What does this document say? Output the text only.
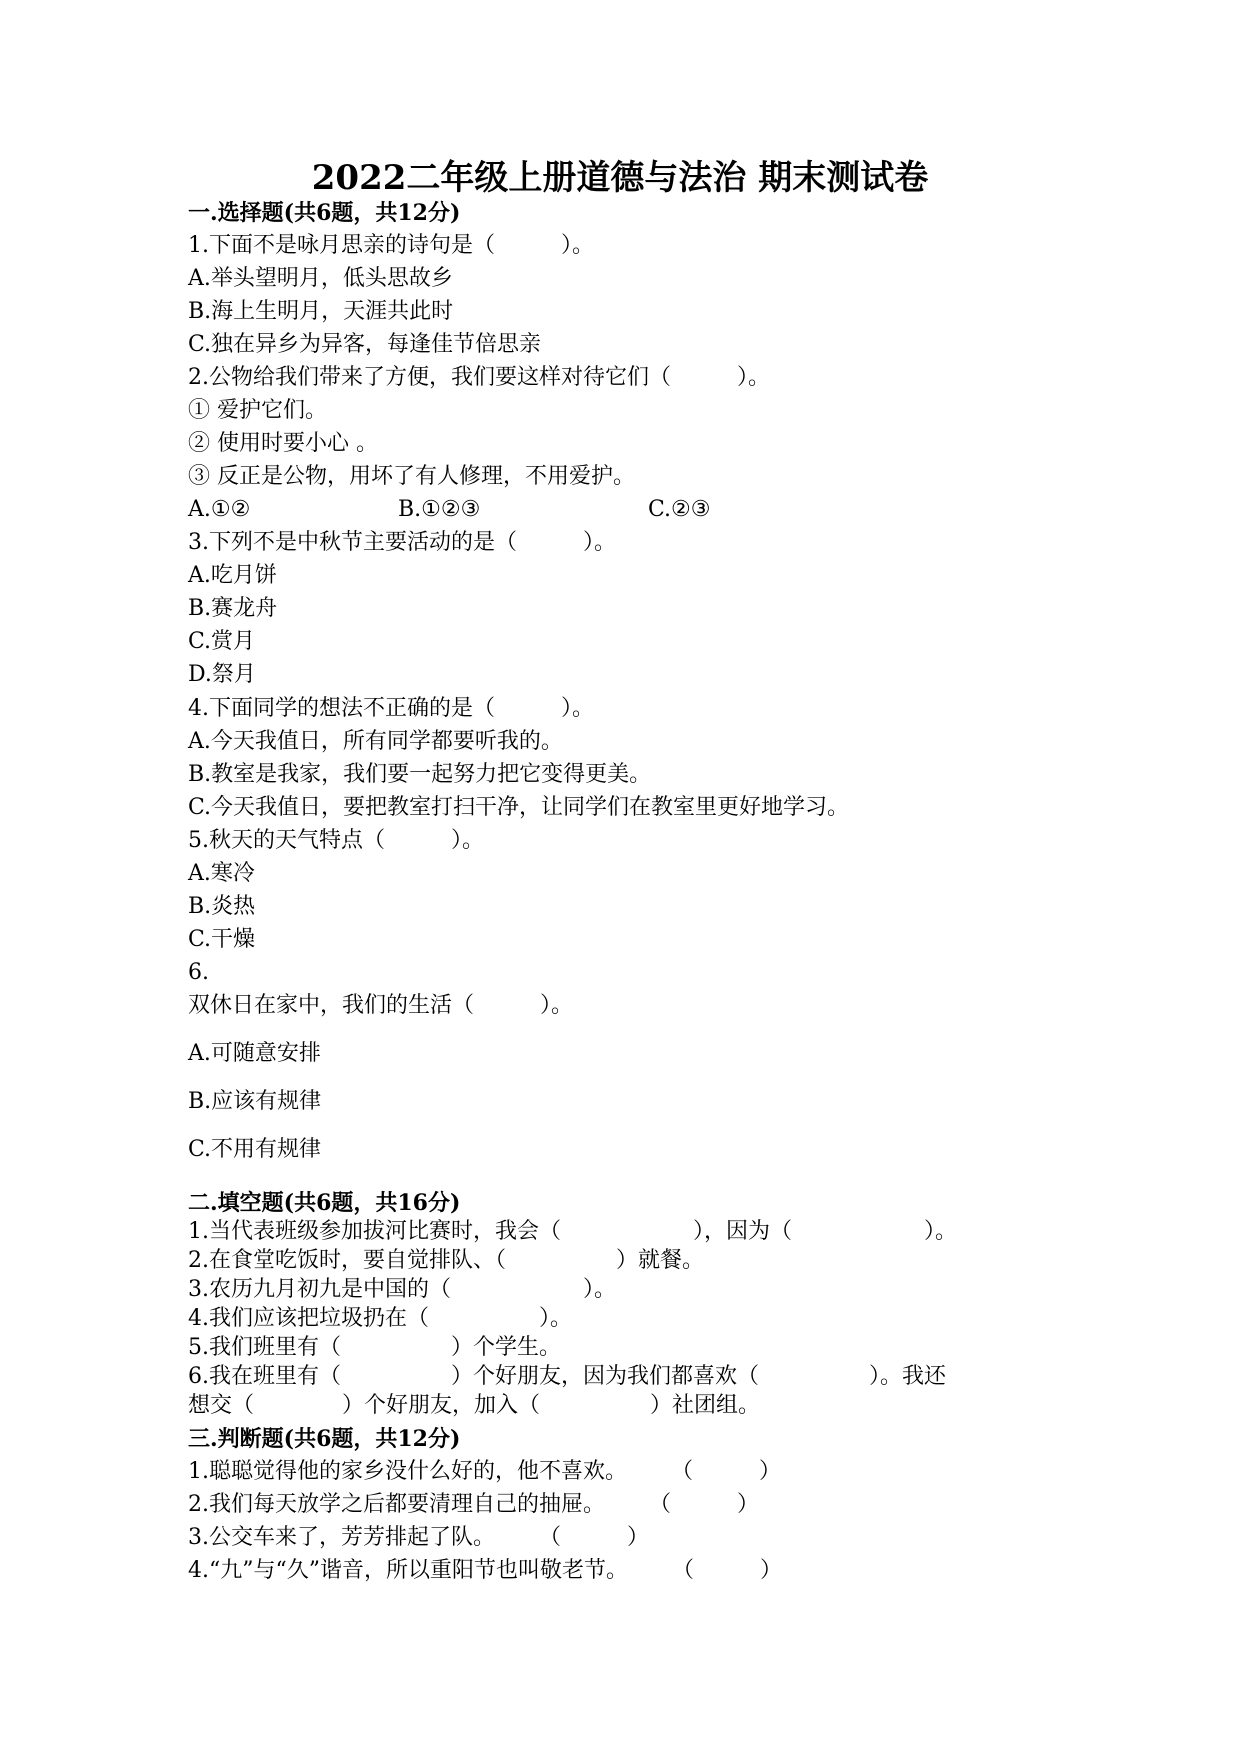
2022二年级上册道德与法治 期末测试卷
一.选择题(共6题，共12分)
1.下面不是咏月思亲的诗句是（　　　）。
A.举头望明月，低头思故乡
B.海上生明月，天涯共此时
C.独在异乡为异客，每逢佳节倍思亲
2.公物给我们带来了方便，我们要这样对待它们（　　　）。
① 爱护它们。
② 使用时要小心 。
③ 反正是公物，用坏了有人修理，不用爱护。
A.①②	B.①②③	C.②③
3.下列不是中秋节主要活动的是（　　　）。
A.吃月饼
B.赛龙舟
C.赏月
D.祭月
4.下面同学的想法不正确的是（　　　）。
A.今天我值日，所有同学都要听我的。
B.教室是我家，我们要一起努力把它变得更美。
C.今天我值日，要把教室打扫干净，让同学们在教室里更好地学习。
5.秋天的天气特点（　　　）。
A.寒冷
B.炎热
C.干燥
6.
双休日在家中，我们的生活（　　　）。
A.可随意安排
B.应该有规律
C.不用有规律
二.填空题(共6题，共16分)
1.当代表班级参加拔河比赛时，我会（　　　　　　），因为（　　　　　　）。
2.在食堂吃饭时，要自觉排队、（　　　　　）就餐。
3.农历九月初九是中国的（　　　　　　）。
4.我们应该把垃圾扔在（　　　　　）。
5.我们班里有（　　　　　）个学生。
6.我在班里有（　　　　　）个好朋友，因为我们都喜欢（　　　　　）。我还
想交（　　　　）个好朋友，加入（　　　　　）社团组。
三.判断题(共6题，共12分)
1.聪聪觉得他的家乡没什么好的，他不喜欢。　　　（　　　）
2.我们每天放学之后都要清理自己的抽屉。　　　（　　　）
3.公交车来了，芳芳排起了队。　　　（　　　）
4.“九”与“久”谐音，所以重阳节也叫敬老节。　　　（　　　）
